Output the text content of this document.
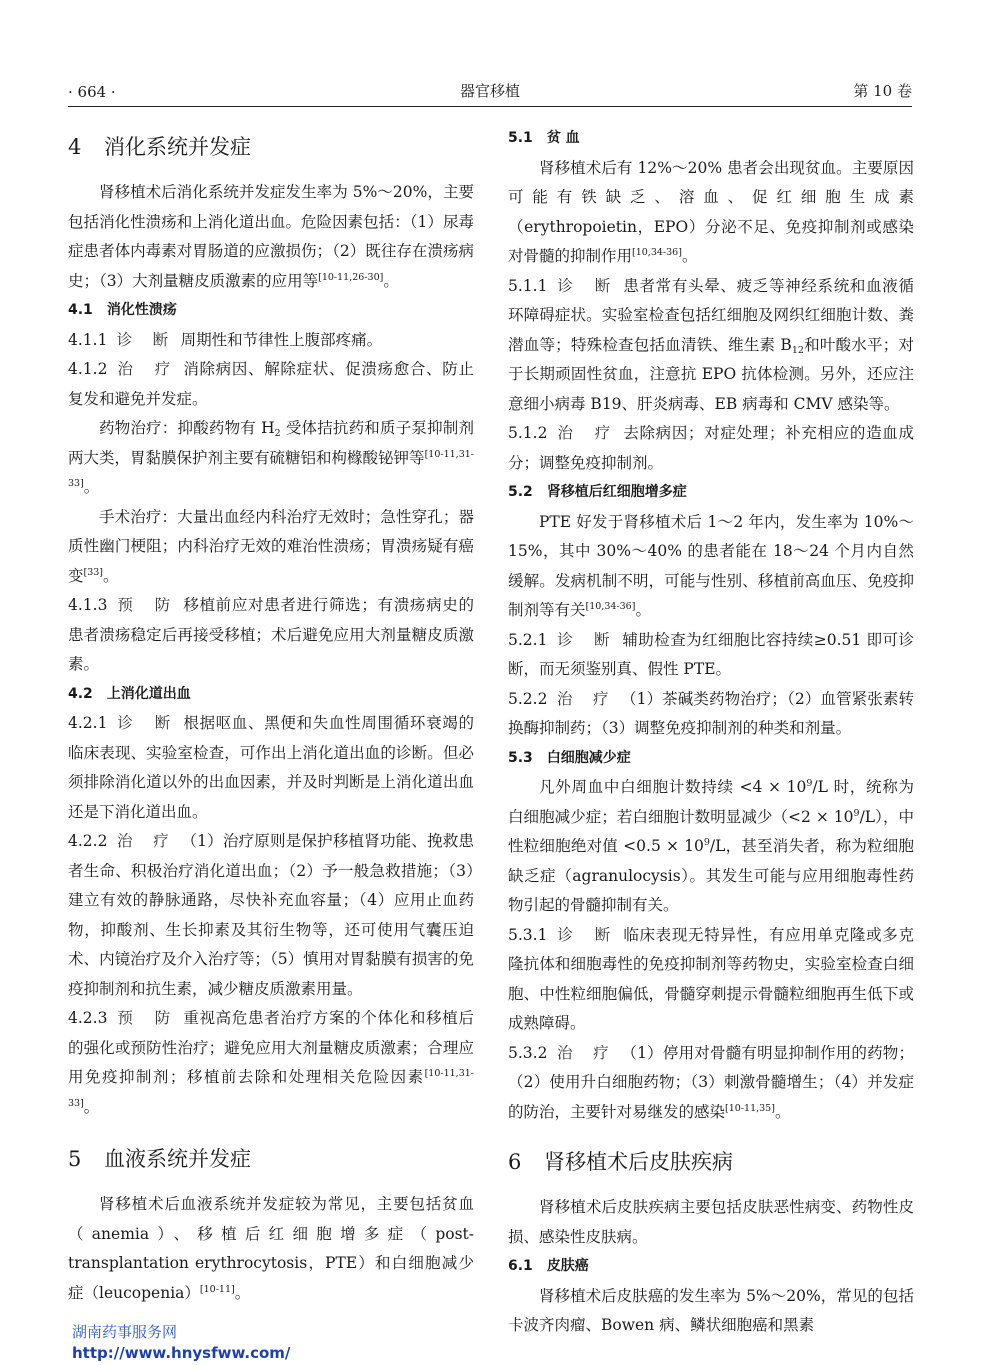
· 664 ·	器官移植	第 10 卷
4 消化系统并发症

肾移植术后消化系统并发症发生率为 5%～20%，主要包括消化性溃疡和上消化道出血。危险因素包括：（1）尿毒症患者体内毒素对胃肠道的应激损伤；（2）既往存在溃疡病史；（3）大剂量糖皮质激素的应用等[10-11,26-30]。

4.1 消化性溃疡

4.1.1 诊 断 周期性和节律性上腹部疼痛。

4.1.2 治 疗 消除病因、解除症状、促溃疡愈合、防止复发和避免并发症。

药物治疗：抑酸药物有 $H_2$ 受体拮抗药和质子泵抑制剂两大类，胃黏膜保护剂主要有硫糖铝和枸橼酸铋钾等[10-11,31-33]。

手术治疗：大量出血经内科治疗无效时；急性穿孔；器质性幽门梗阻；内科治疗无效的难治性溃疡；胃溃疡疑有癌变[33]。

4.1.3 预 防 移植前应对患者进行筛选；有溃疡病史的患者溃疡稳定后再接受移植；术后避免应用大剂量糖皮质激素。

4.2 上消化道出血

4.2.1 诊 断 根据呕血、黑便和失血性周围循环衰竭的临床表现、实验室检查，可作出上消化道出血的诊断。但必须排除消化道以外的出血因素，并及时判断是上消化道出血还是下消化道出血。

4.2.2 治 疗 （1）治疗原则是保护移植肾功能、挽救患者生命、积极治疗消化道出血；（2）予一般急救措施；（3）建立有效的静脉通路，尽快补充血容量；（4）应用止血药物，抑酸剂、生长抑素及其衍生物等，还可使用气囊压迫术、内镜治疗及介入治疗等；（5）慎用对胃黏膜有损害的免疫抑制剂和抗生素，减少糖皮质激素用量。

4.2.3 预 防 重视高危患者治疗方案的个体化和移植后的强化或预防性治疗；避免应用大剂量糖皮质激素；合理应用免疫抑制剂；移植前去除和处理相关危险因素[10-11,31-33]。

5 血液系统并发症

肾移植术后血液系统并发症较为常见，主要包括贫血（anemia）、移植后红细胞增多症（post-transplantation erythrocytosis，PTE）和白细胞减少症（leucopenia）[10-11]。

5.1 贫 血

肾移植术后有 12%～20% 患者会出现贫血。主要原因可能有铁缺乏、溶血、促红细胞生成素（erythropoietin，EPO）分泌不足、免疫抑制剂或感染对骨髓的抑制作用[10,34-36]。

5.1.1 诊 断 患者常有头晕、疲乏等神经系统和血液循环障碍症状。实验室检查包括红细胞及网织红细胞计数、粪潜血等；特殊检查包括血清铁、维生素 $B_{12}$和叶酸水平；对于长期顽固性贫血，注意抗 EPO 抗体检测。另外，还应注意细小病毒 B19、肝炎病毒、EB 病毒和 CMV 感染等。

5.1.2 治 疗 去除病因；对症处理；补充相应的造血成分；调整免疫抑制剂。

5.2 肾移植后红细胞增多症

PTE 好发于肾移植术后 1～2 年内，发生率为 10%～15%，其中 30%～40% 的患者能在 18～24 个月内自然缓解。发病机制不明，可能与性别、移植前高血压、免疫抑制剂等有关[10,34-36]。

5.2.1 诊 断 辅助检查为红细胞比容持续≥0.51 即可诊断，而无须鉴别真、假性 PTE。

5.2.2 治 疗 （1）茶碱类药物治疗；（2）血管紧张素转换酶抑制药；（3）调整免疫抑制剂的种类和剂量。

5.3 白细胞减少症

凡外周血中白细胞计数持续 $<4 \times 10^9/L$ 时，统称为白细胞减少症；若白细胞计数明显减少$(<2 \times 10^9/L)$，中性粒细胞绝对值 $<0.5 \times 10^9/L$，甚至消失者，称为粒细胞缺乏症（agranulocysis）。其发生可能与应用细胞毒性药物引起的骨髓抑制有关。

5.3.1 诊 断 临床表现无特异性，有应用单克隆或多克隆抗体和细胞毒性的免疫抑制剂等药物史，实验室检查白细胞、中性粒细胞偏低，骨髓穿刺提示骨髓粒细胞再生低下或成熟障碍。

5.3.2 治 疗 （1）停用对骨髓有明显抑制作用的药物；（2）使用升白细胞药物；（3）刺激骨髓增生；（4）并发症的防治，主要针对易继发的感染[10-11,35]。

6 肾移植术后皮肤疾病

肾移植术后皮肤疾病主要包括皮肤恶性病变、药物性皮损、感染性皮肤病。

6.1 皮肤癌

肾移植术后皮肤癌的发生率为 5%～20%，常见的包括卡波齐肉瘤、Bowen 病、鳞状细胞癌和黑素

湖南药事服务网
http://www.hnysfww.com/
